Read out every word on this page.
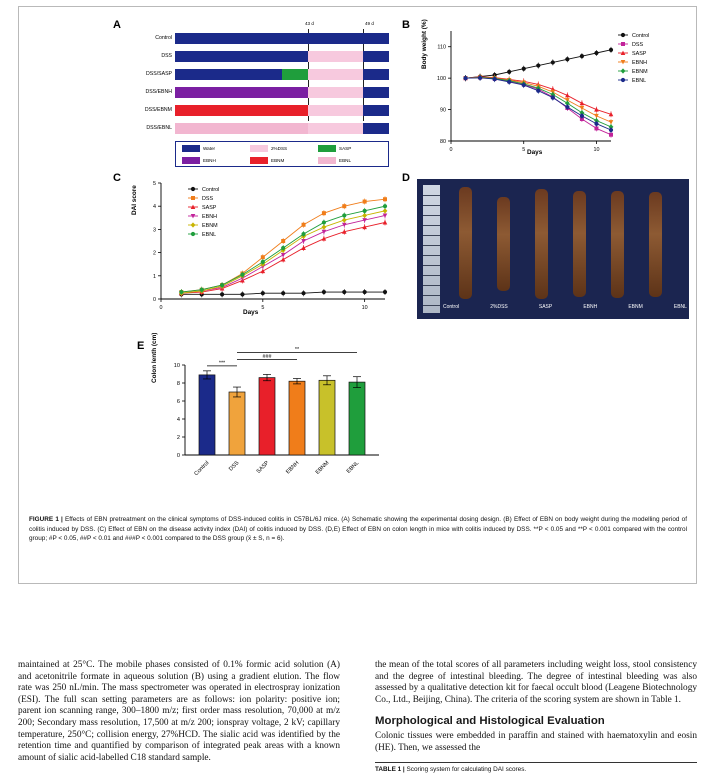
A	B
C	D
E
43 d	49 d
Control
DSS
DSS/SASP
DSS/EBNH
DSS/EBNM
DSS/EBNL
Water	2%DSS	SASP
EBNH	EBNM	EBNL
80
90
100
110
0	5	10
Control
DSS
SASP
EBNH
EBNM
EBNL
Body weight (%)
Days
0
1
2
3
4
5
0	5	10
Control
DSS
SASP
EBNH
EBNM
EBNL
DAI score
Days
Control	2%DSS	SASP	EBNH	EBNM	EBNL
0
2
4
6
8
10
Control	DSS	SASP	EBNH	EBNM	EBNL
***
###
**
Colon lenth (cm)
FIGURE 1 | Effects of EBN pretreatment on the clinical symptoms of DSS-induced colitis in C57BL/6J mice. (A) Schematic showing the experimental dosing design. (B) Effect of EBN on body weight during the modelling period of colitis induced by DSS. (C) Effect of EBN on the disease activity index (DAI) of colitis induced by DSS. (D,E) Effect of EBN on colon length in mice with colitis induced by DSS. **P < 0.05 and **P < 0.001 compared with the control group; #P < 0.05, ##P < 0.01 and ###P < 0.001 compared to the DSS group (x̄ ± S, n = 6).
maintained at 25°C. The mobile phases consisted of 0.1% formic acid solution (A) and acetonitrile formate in aqueous solution (B) using a gradient elution. The flow rate was 250 nL/min. The mass spectrometer was operated in electrospray ionization (ESI). The full scan setting parameters are as follows: ion polarity: positive ion; parent ion scanning range, 300–1800 m/z; first order mass resolution, 70,000 at m/z 200; Secondary mass resolution, 17,500 at m/z 200; ionspray voltage, 2 kV; capillary temperature, 250°C; collision energy, 27%HCD. The sialic acid was identified by the retention time and quantified by comparison of integrated peak areas with a known amount of sialic acid-labelled C18 standard sample.
the mean of the total scores of all parameters including weight loss, stool consistency and the degree of intestinal bleeding. The degree of intestinal bleeding was also assessed by a qualitative detection kit for faecal occult blood (Leagene Biotechnology Co., Ltd., Beijing, China). The criteria of the scoring system are shown in Table 1.
Morphological and Histological Evaluation
Colonic tissues were embedded in paraffin and stained with haematoxylin and eosin (HE). Then, we assessed the
TABLE 1 | Scoring system for calculating DAI scores.
